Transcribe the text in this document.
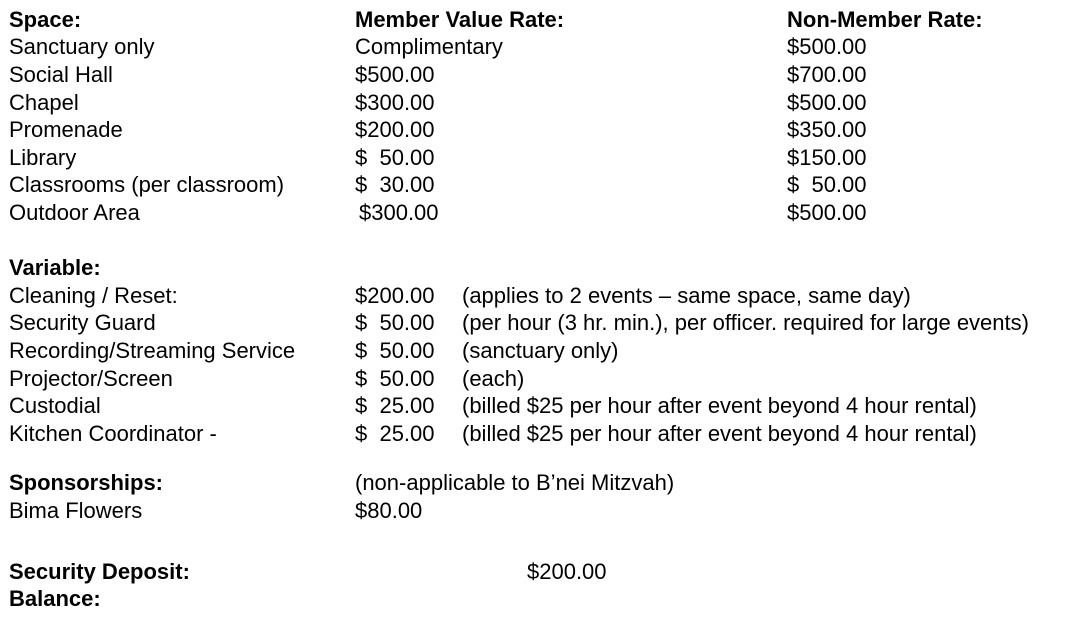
Space:	Member Value Rate:	Non-Member Rate:
Sanctuary only	Complimentary	$500.00
Social Hall	$500.00	$700.00
Chapel	$300.00	$500.00
Promenade	$200.00	$350.00
Library	$  50.00	$150.00
Classrooms (per classroom)	$  30.00	$  50.00
Outdoor Area	$300.00	$500.00
Variable:
Cleaning / Reset:	$200.00 (applies to 2 events – same space, same day)
Security Guard	$  50.00 (per hour (3 hr. min.), per officer. required for large events)
Recording/Streaming Service	$  50.00 (sanctuary only)
Projector/Screen	$  50.00 (each)
Custodial	$  25.00 (billed $25 per hour after event beyond 4 hour rental)
Kitchen Coordinator -	$  25.00 (billed $25 per hour after event beyond 4 hour rental)
Sponsorships:	(non-applicable to B’nei Mitzvah)
Bima Flowers	$80.00
Security Deposit:	$200.00
Balance:
